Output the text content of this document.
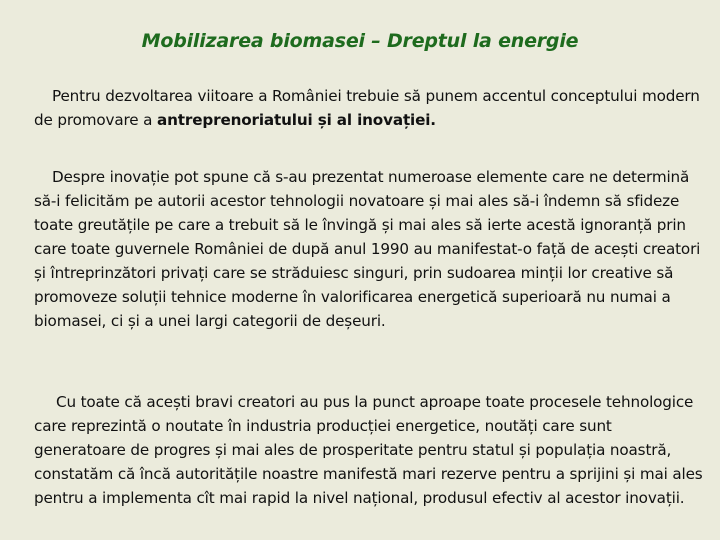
Mobilizarea biomasei – Dreptul la energie

Pentru dezvoltarea viitoare a României trebuie să punem accentul conceptului modern de promovare a antreprenoriatului și al inovației.

Despre inovație pot spune că s-au prezentat numeroase elemente care ne determină să-i felicităm pe autorii acestor tehnologii novatoare și mai ales să-i îndemn să sfideze toate greutățile pe care a trebuit să le învingă și mai ales să ierte acestă ignoranță prin care toate guvernele României de după anul 1990 au manifestat-o față de acești creatori și întreprinzători privați care se străduiesc singuri, prin sudoarea minții lor creative să promoveze soluții tehnice moderne în valorificarea energetică superioară nu numai a biomasei, ci și a unei largi categorii de deșeuri.

Cu toate că acești bravi creatori au pus la punct aproape toate procesele tehnologice care reprezintă o noutate în industria producției energetice, noutăți care sunt generatoare de progres și mai ales de prosperitate pentru statul și populația noastră, constatăm că încă autoritățile noastre manifestă mari rezerve pentru a sprijini și mai ales pentru a implementa cît mai rapid la nivel național, produsul efectiv al acestor inovații.
